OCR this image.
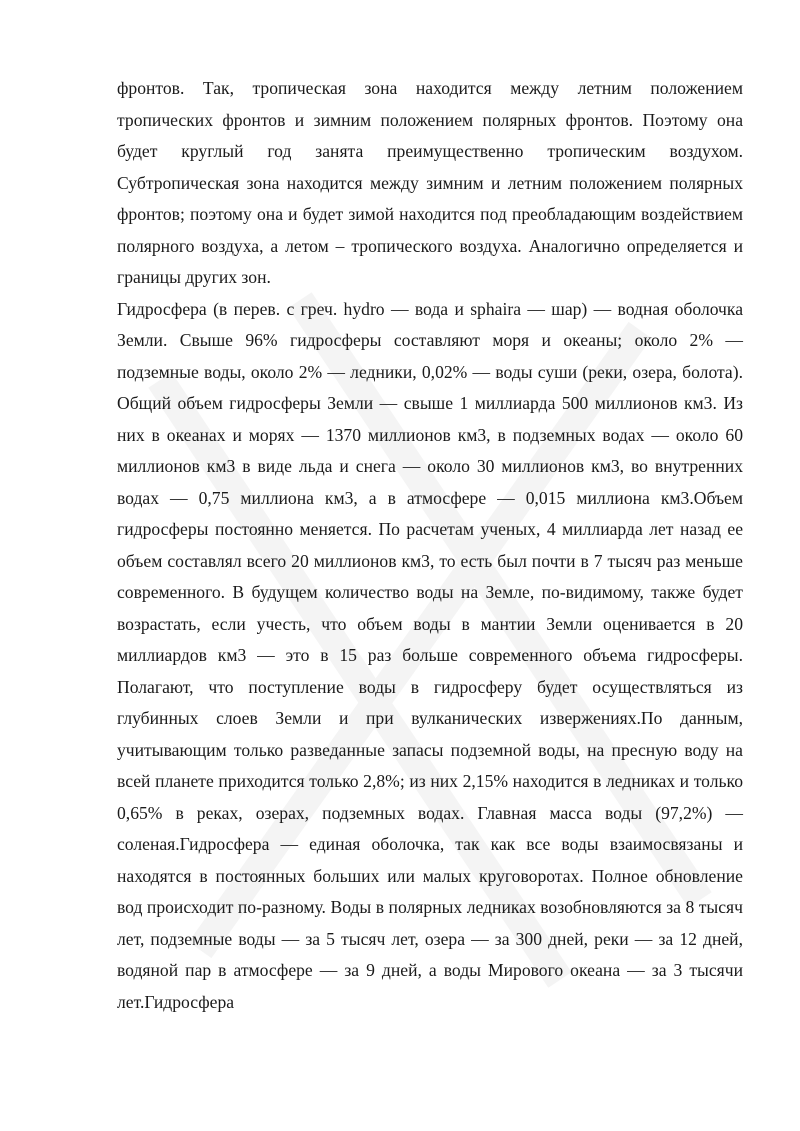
фронтов. Так, тропическая зона находится между летним положением тропических фронтов и зимним положением полярных фронтов. Поэтому она будет круглый год занята преимущественно тропическим воздухом. Субтропическая зона находится между зимним и летним положением полярных фронтов; поэтому она и будет зимой находится под преобладающим воздействием полярного воздуха, а летом – тропического воздуха. Аналогично определяется и границы других зон.

Гидросфера (в перев. с греч. hydro — вода и sphaira — шар) — водная оболочка Земли. Свыше 96% гидросферы составляют моря и океаны; около 2% — подземные воды, около 2% — ледники, 0,02% — воды суши (реки, озера, болота). Общий объем гидросферы Земли — свыше 1 миллиарда 500 миллионов км3. Из них в океанах и морях — 1370 миллионов км3, в подземных водах — около 60 миллионов км3 в виде льда и снега — около 30 миллионов км3, во внутренних водах — 0,75 миллиона км3, а в атмосфере — 0,015 миллиона км3.Объем гидросферы постоянно меняется. По расчетам ученых, 4 миллиарда лет назад ее объем составлял всего 20 миллионов км3, то есть был почти в 7 тысяч раз меньше современного. В будущем количество воды на Земле, по-видимому, также будет возрастать, если учесть, что объем воды в мантии Земли оценивается в 20 миллиардов км3 — это в 15 раз больше современного объема гидросферы. Полагают, что поступление воды в гидросферу будет осуществляться из глубинных слоев Земли и при вулканических извержениях.По данным, учитывающим только разведанные запасы подземной воды, на пресную воду на всей планете приходится только 2,8%; из них 2,15% находится в ледниках и только 0,65% в реках, озерах, подземных водах. Главная масса воды (97,2%) — соленая.Гидросфера — единая оболочка, так как все воды взаимосвязаны и находятся в постоянных больших или малых круговоротах. Полное обновление вод происходит по-разному. Воды в полярных ледниках возобновляются за 8 тысяч лет, подземные воды — за 5 тысяч лет, озера — за 300 дней, реки — за 12 дней, водяной пар в атмосфере — за 9 дней, а воды Мирового океана — за 3 тысячи лет.Гидросфера
